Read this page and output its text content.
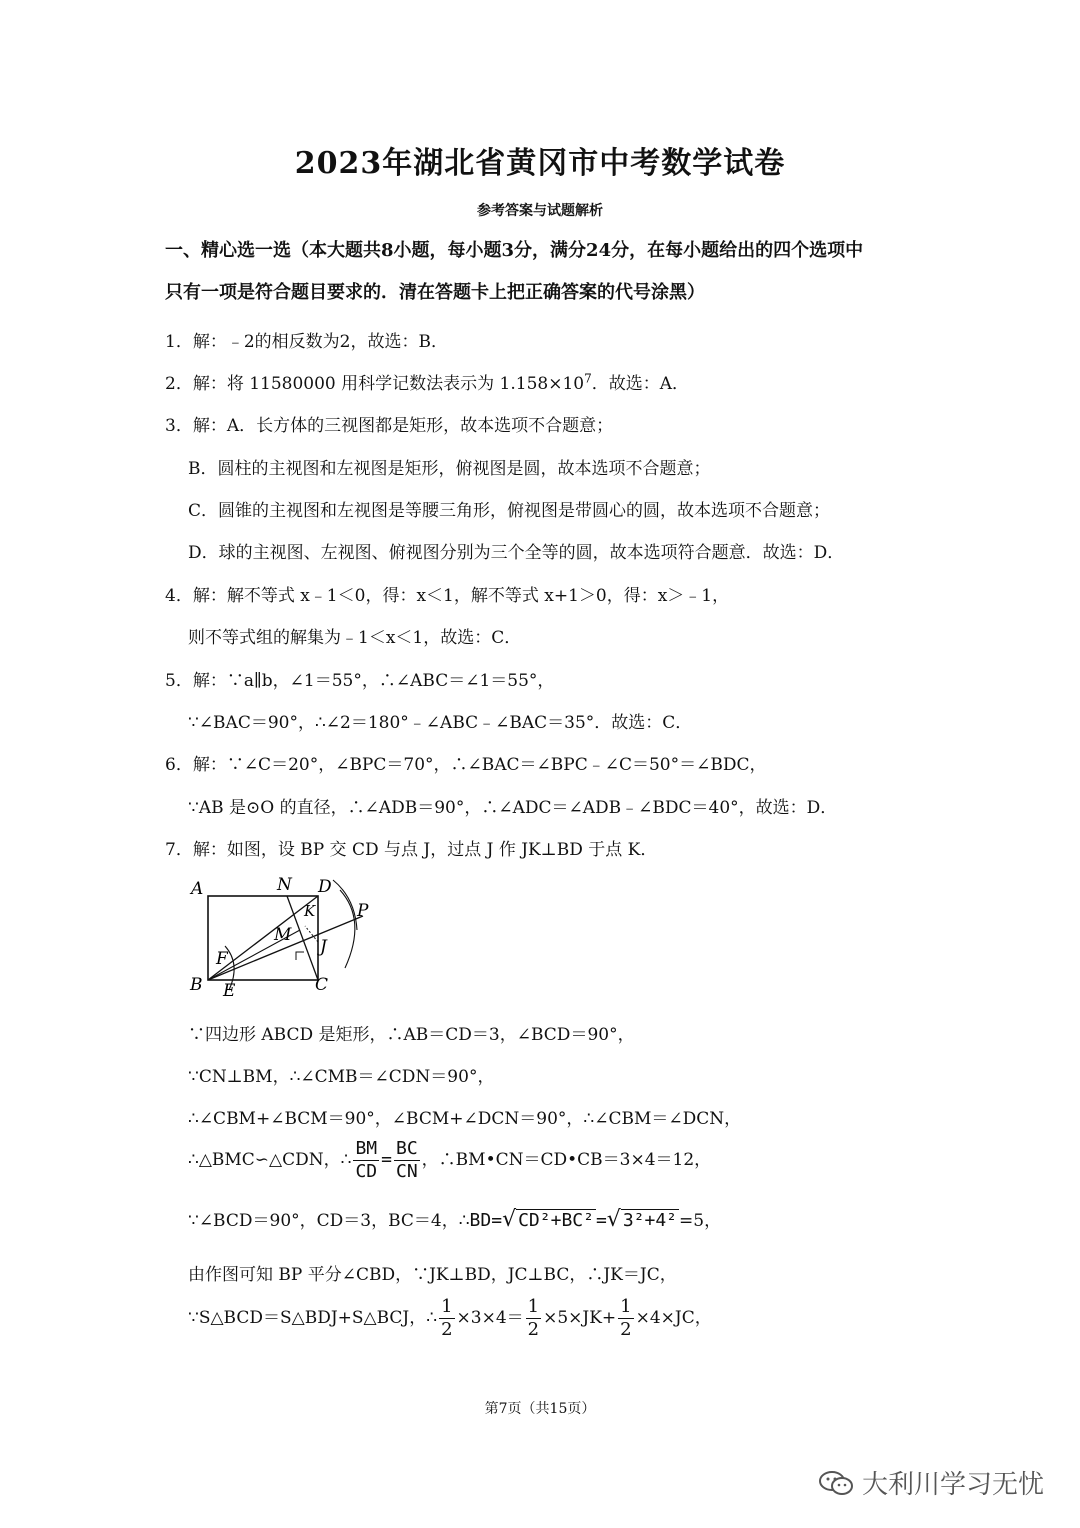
2023年湖北省黄冈市中考数学试卷
参考答案与试题解析
一、精心选一选（本大题共8小题，每小题3分，满分24分，在每小题给出的四个选项中
只有一项是符合题目要求的．清在答题卡上把正确答案的代号涂黑）
1．解：﹣2的相反数为2，故选：B．
2．解：将 11580000 用科学记数法表示为 $1.158\times 10^7$．故选：A．
3．解：A．长方体的三视图都是矩形，故本选项不合题意；
B．圆柱的主视图和左视图是矩形，俯视图是圆，故本选项不合题意；
C．圆锥的主视图和左视图是等腰三角形，俯视图是带圆心的圆，故本选项不合题意；
D．球的主视图、左视图、俯视图分别为三个全等的圆，故本选项符合题意．故选：D．
4．解：解不等式 x﹣1＜0，得：x＜1，解不等式 x+1＞0，得：x＞﹣1，
则不等式组的解集为﹣1＜x＜1，故选：C．
5．解：∵a∥b，∠1＝55°，∴∠ABC＝∠1＝55°，
∵∠BAC＝90°，∴∠2＝180°﹣∠ABC﹣∠BAC＝35°．故选：C．
6．解：∵∠C＝20°，∠BPC＝70°，∴∠BAC＝∠BPC﹣∠C＝50°＝∠BDC，
∵AB 是⊙O 的直径，∴∠ADB＝90°，∴∠ADC＝∠ADB﹣∠BDC＝40°，故选：D．
7．解：如图，设 BP 交 CD 与点 J，过点 J 作 JK⊥BD 于点 K．
A	N D
K P
M
J
F
B E	C
∵四边形 ABCD 是矩形，∴AB＝CD＝3，∠BCD＝90°，
∵CN⊥BM，∴∠CMB＝∠CDN＝90°，
∴∠CBM+∠BCM＝90°，∠BCM+∠DCN＝90°，∴∠CBM＝∠DCN，
∴△BMC∽△CDN，∴ $\frac{BM}{CD} = \frac{BC}{CN}$ ，∴BM•CN＝CD•CB＝3×4＝12，
∵∠BCD＝90°，CD＝3，BC＝4，∴BD=√ CD²+BC² =√ 3²+4² =5，
由作图可知 BP 平分∠CBD，∵JK⊥BD，JC⊥BC，∴JK＝JC，
∵S△BCD＝S△BDJ+S△BCJ，∴ $\frac{1}{2} \times 3\times 4= \frac{1}{2} \times 5\times JK+ \frac{1}{2} \times 4\times JC$，
第7页（共15页）
大利川学习无忧
